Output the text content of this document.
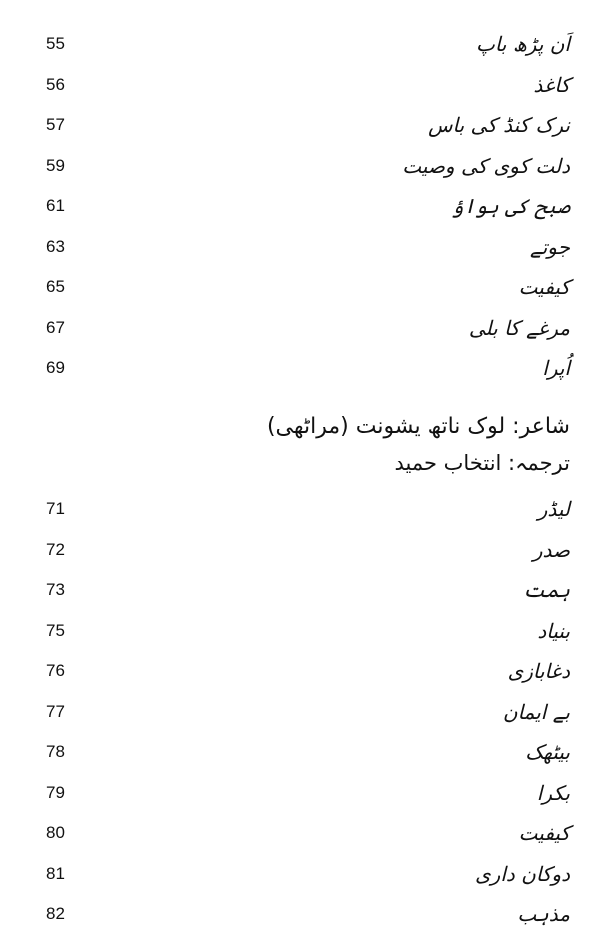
55	اَن پڑھ باپ
56	کاغذ
57	نرک کنڈ کی باس
59	دلت کوی کی وصیت
61	صبح کی ہواؤ
63	جوتے
65	کیفیت
67	مرغے کا بلی
69	اُپرا
شاعر: لوک ناتھ یشونت (مراٹھی)
ترجمہ: انتخاب حمید
71	لیڈر
72	صدر
73	ہمت
75	بنیاد
76	دغابازی
77	بے ایمان
78	بیٹھک
79	بکرا
80	کیفیت
81	دوکان داری
82	مذہب
